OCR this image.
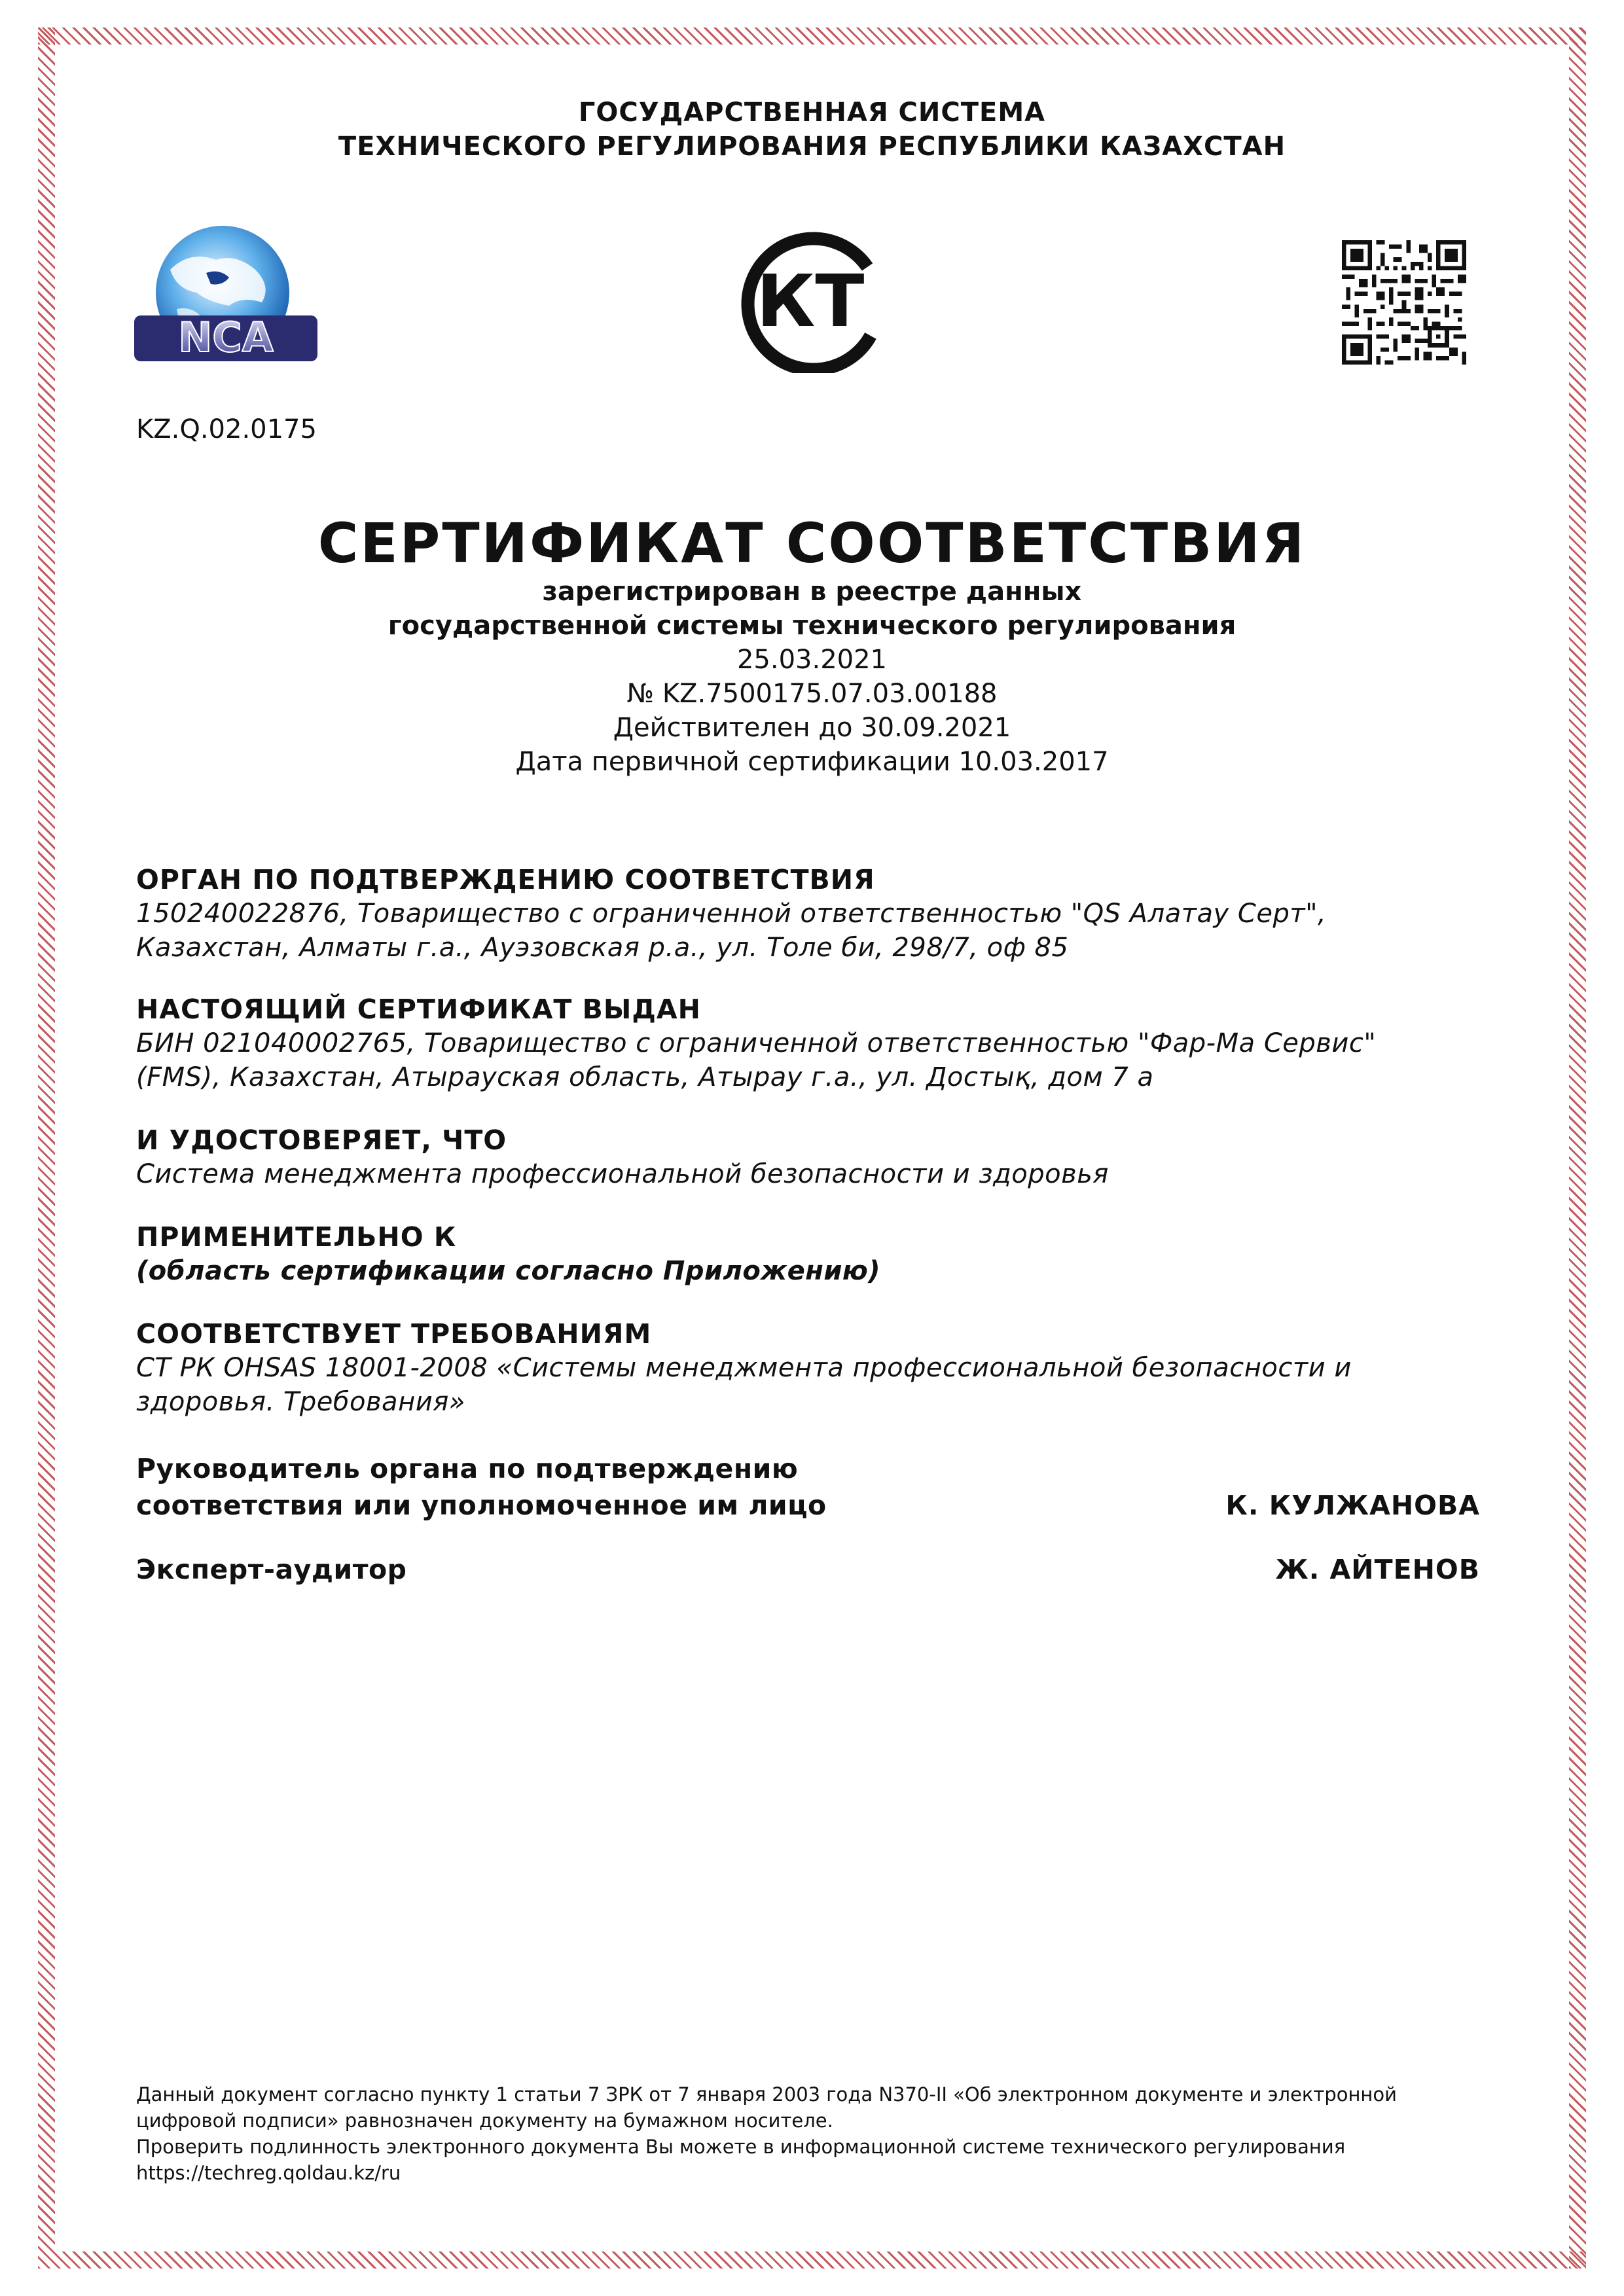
ГОСУДАРСТВЕННАЯ СИСТЕМА
ТЕХНИЧЕСКОГО РЕГУЛИРОВАНИЯ РЕСПУБЛИКИ КАЗАХСТАН
NCA	КТ
KZ.Q.02.0175
СЕРТИФИКАТ СООТВЕТСТВИЯ
зарегистрирован в реестре данных
государственной системы технического регулирования
25.03.2021
№ KZ.7500175.07.03.00188
Действителен до 30.09.2021
Дата первичной сертификации 10.03.2017
ОРГАН ПО ПОДТВЕРЖДЕНИЮ СООТВЕТСТВИЯ
150240022876, Товарищество с ограниченной ответственностью "QS Алатау Серт",
Казахстан, Алматы г.а., Ауэзовская р.а., ул. Толе би, 298/7, оф 85
НАСТОЯЩИЙ СЕРТИФИКАТ ВЫДАН
БИН 021040002765, Товарищество с ограниченной ответственностью "Фар-Ма Сервис"
(FMS), Казахстан, Атырауская область, Атырау г.а., ул. Достық, дом 7 а
И УДОСТОВЕРЯЕТ, ЧТО
Система менеджмента профессиональной безопасности и здоровья
ПРИМЕНИТЕЛЬНО К
(область сертификации согласно Приложению)
СООТВЕТСТВУЕТ ТРЕБОВАНИЯМ
СТ РК OHSAS 18001-2008 «Системы менеджмента профессиональной безопасности и
здоровья. Требования»
Руководитель органа по подтверждению
соответствия или уполномоченное им лицо	К. КУЛЖАНОВА
Эксперт-аудитор	Ж. АЙТЕНОВ
Данный документ согласно пункту 1 статьи 7 ЗРК от 7 января 2003 года N370-II «Об электронном документе и электронной
цифровой подписи» равнозначен документу на бумажном носителе.
Проверить подлинность электронного документа Вы можете в информационной системе технического регулирования
https://techreg.qoldau.kz/ru
